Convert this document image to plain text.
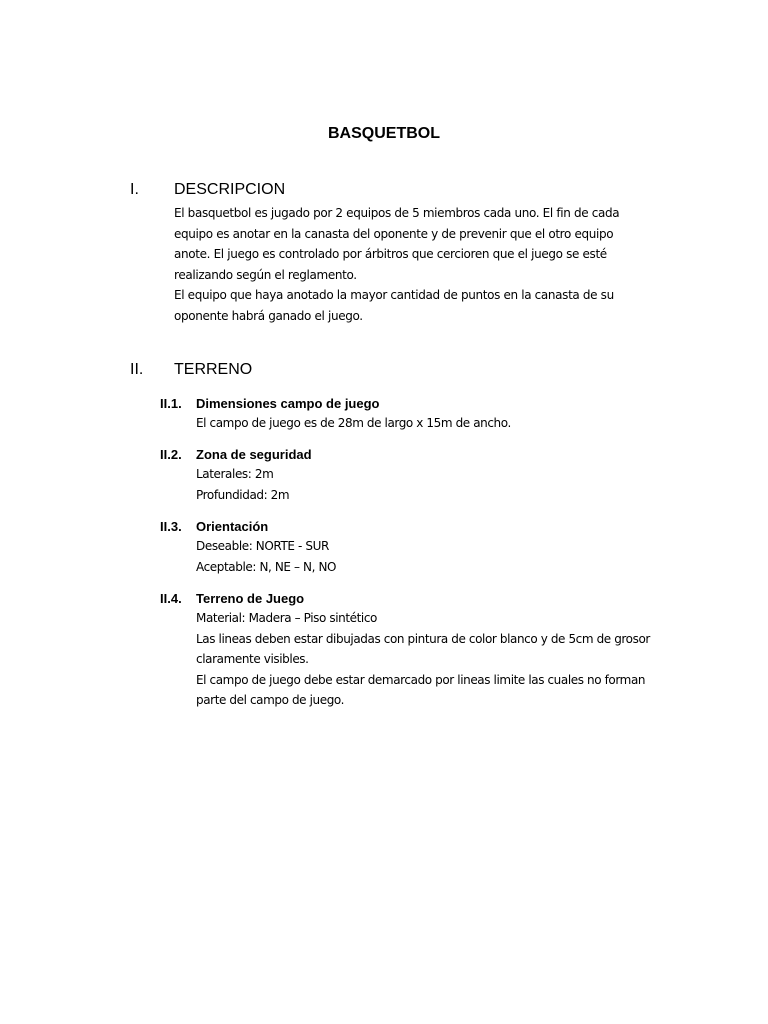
BASQUETBOL
I. DESCRIPCION
El basquetbol es jugado por 2 equipos de 5 miembros cada uno. El fin de cada
equipo es anotar en la canasta del oponente y de prevenir que el otro equipo
anote. El juego es controlado por árbitros que cercioren que el juego se esté
realizando según el reglamento.
El equipo que haya anotado la mayor cantidad de puntos en la canasta de su
oponente habrá ganado el juego.
II. TERRENO
II.1. Dimensiones campo de juego
El campo de juego es de 28m de largo x 15m de ancho.
II.2. Zona de seguridad
Laterales: 2m
Profundidad: 2m
II.3. Orientación
Deseable: NORTE - SUR
Aceptable: N, NE – N, NO
II.4. Terreno de Juego
Material: Madera – Piso sintético
Las lineas deben estar dibujadas con pintura de color blanco y de 5cm de grosor
claramente visibles.
El campo de juego debe estar demarcado por lineas limite las cuales no forman
parte del campo de juego.
